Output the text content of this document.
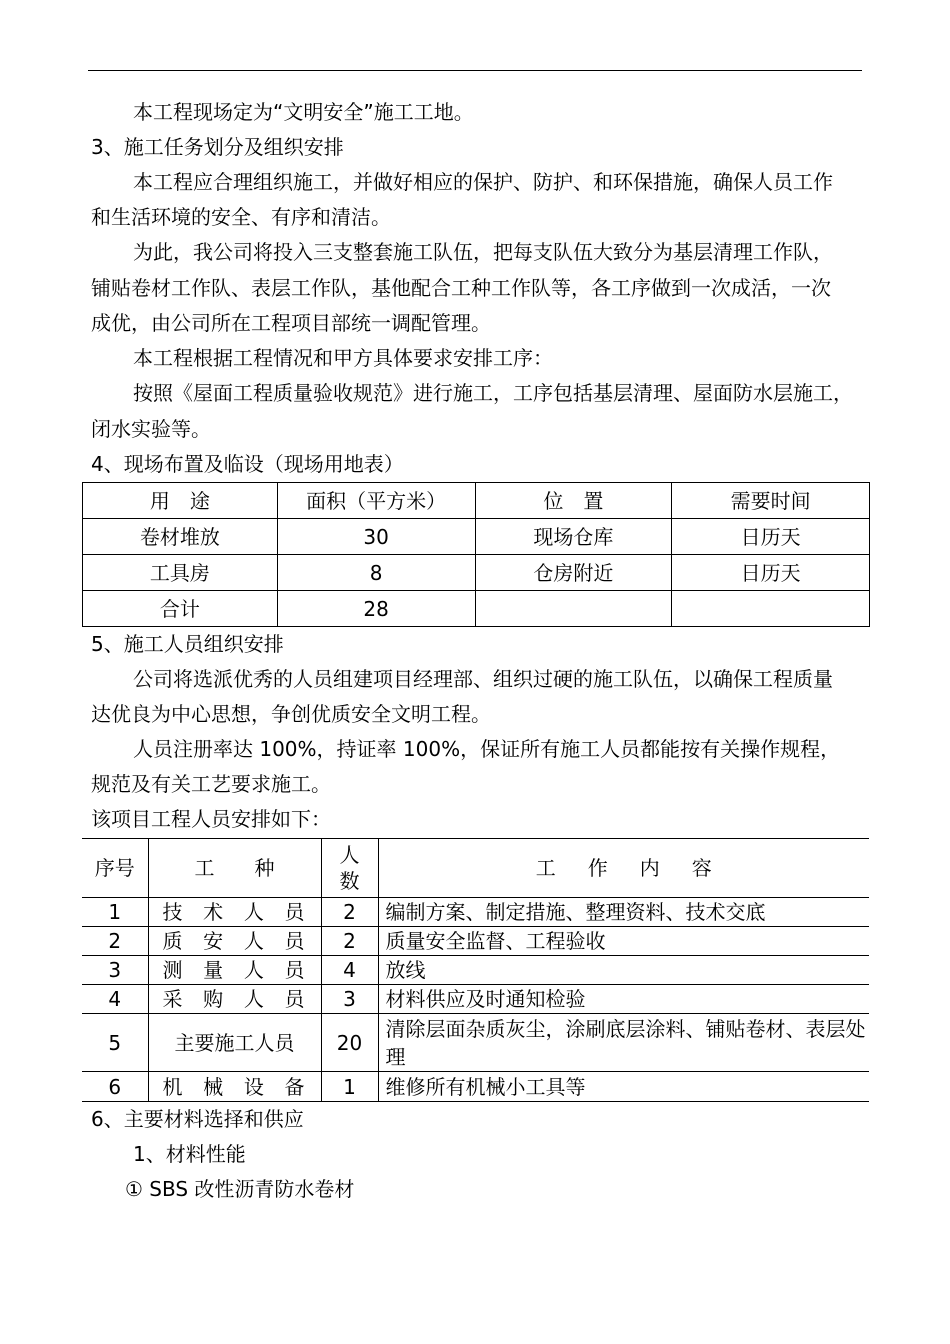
本工程现场定为“文明安全”施工工地。
3、施工任务划分及组织安排
本工程应合理组织施工，并做好相应的保护、防护、和环保措施，确保人员工作
和生活环境的安全、有序和清洁。
为此，我公司将投入三支整套施工队伍，把每支队伍大致分为基层清理工作队，
铺贴卷材工作队、表层工作队，基他配合工种工作队等，各工序做到一次成活，一次
成优，由公司所在工程项目部统一调配管理。
本工程根据工程情况和甲方具体要求安排工序：
按照《屋面工程质量验收规范》进行施工，工序包括基层清理、屋面防水层施工，
闭水实验等。
4、现场布置及临设（现场用地表）
用　途	面积（平方米）	位　置	需要时间
卷材堆放	30	现场仓库	日历天
工具房	8	仓房附近	日历天
合计	28		
5、施工人员组织安排
公司将选派优秀的人员组建项目经理部、组织过硬的施工队伍，以确保工程质量
达优良为中心思想，争创优质安全文明工程。
人员注册率达 100%，持证率 100%，保证所有施工人员都能按有关操作规程，
规范及有关工艺要求施工。
该项目工程人员安排如下：
序号	工 种	人数	工 作 内 容

1	技 术 人 员	2	编制方案、制定措施、整理资料、技术交底
2	质 安 人 员	2	质量安全监督、工程验收
3	测 量 人 员	4	放线
4	采 购 人 员	3	材料供应及时通知检验
5	主要施工人员	20	清除层面杂质灰尘，涂刷底层涂料、铺贴卷材、表层处理
6	机 械 设 备	1	维修所有机械小工具等
6、主要材料选择和供应
1、材料性能
① SBS 改性沥青防水卷材
